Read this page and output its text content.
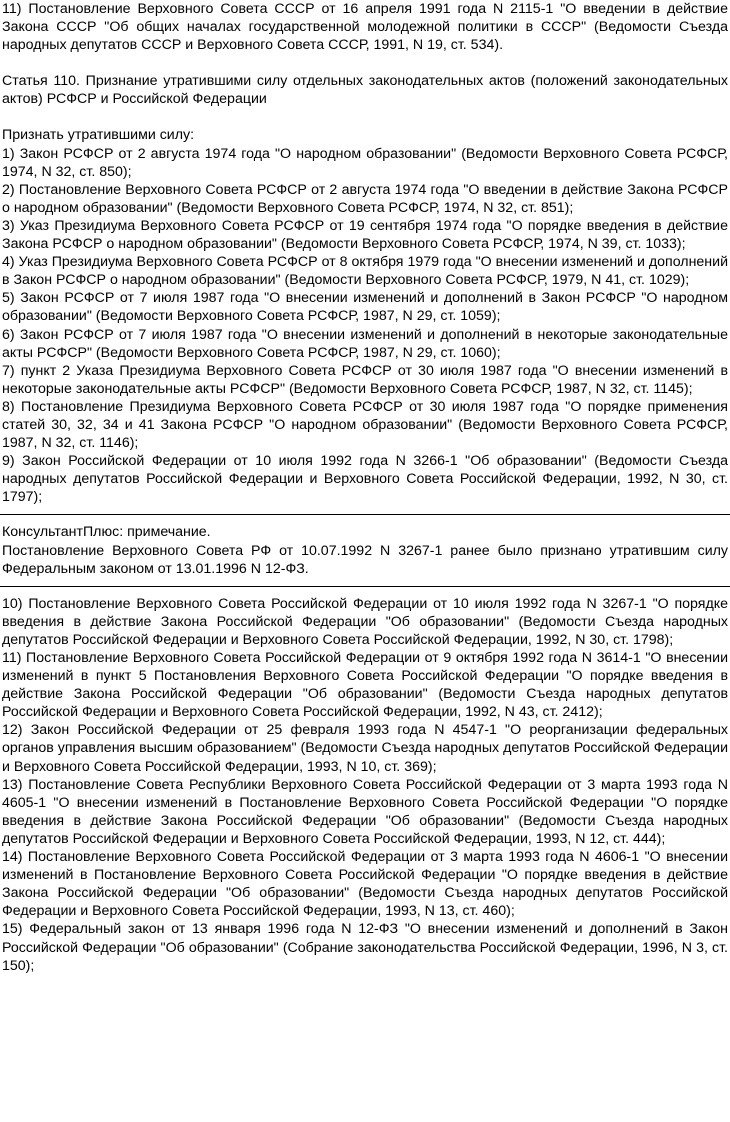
11) Постановление Верховного Совета СССР от 16 апреля 1991 года N 2115-1 "О введении в действие Закона СССР "Об общих началах государственной молодежной политики в СССР" (Ведомости Съезда народных депутатов СССР и Верховного Совета СССР, 1991, N 19, ст. 534).

Статья 110. Признание утратившими силу отдельных законодательных актов (положений законодательных актов) РСФСР и Российской Федерации

Признать утратившими силу:

1) Закон РСФСР от 2 августа 1974 года "О народном образовании" (Ведомости Верховного Совета РСФСР, 1974, N 32, ст. 850);

2) Постановление Верховного Совета РСФСР от 2 августа 1974 года "О введении в действие Закона РСФСР о народном образовании" (Ведомости Верховного Совета РСФСР, 1974, N 32, ст. 851);

3) Указ Президиума Верховного Совета РСФСР от 19 сентября 1974 года "О порядке введения в действие Закона РСФСР о народном образовании" (Ведомости Верховного Совета РСФСР, 1974, N 39, ст. 1033);

4) Указ Президиума Верховного Совета РСФСР от 8 октября 1979 года "О внесении изменений и дополнений в Закон РСФСР о народном образовании" (Ведомости Верховного Совета РСФСР, 1979, N 41, ст. 1029);

5) Закон РСФСР от 7 июля 1987 года "О внесении изменений и дополнений в Закон РСФСР "О народном образовании" (Ведомости Верховного Совета РСФСР, 1987, N 29, ст. 1059);

6) Закон РСФСР от 7 июля 1987 года "О внесении изменений и дополнений в некоторые законодательные акты РСФСР" (Ведомости Верховного Совета РСФСР, 1987, N 29, ст. 1060);

7) пункт 2 Указа Президиума Верховного Совета РСФСР от 30 июля 1987 года "О внесении изменений в некоторые законодательные акты РСФСР" (Ведомости Верховного Совета РСФСР, 1987, N 32, ст. 1145);

8) Постановление Президиума Верховного Совета РСФСР от 30 июля 1987 года "О порядке применения статей 30, 32, 34 и 41 Закона РСФСР "О народном образовании" (Ведомости Верховного Совета РСФСР, 1987, N 32, ст. 1146);

9) Закон Российской Федерации от 10 июля 1992 года N 3266-1 "Об образовании" (Ведомости Съезда народных депутатов Российской Федерации и Верховного Совета Российской Федерации, 1992, N 30, ст. 1797);

КонсультантПлюс: примечание.

Постановление Верховного Совета РФ от 10.07.1992 N 3267-1 ранее было признано утратившим силу Федеральным законом от 13.01.1996 N 12-ФЗ.

10) Постановление Верховного Совета Российской Федерации от 10 июля 1992 года N 3267-1 "О порядке введения в действие Закона Российской Федерации "Об образовании" (Ведомости Съезда народных депутатов Российской Федерации и Верховного Совета Российской Федерации, 1992, N 30, ст. 1798);

11) Постановление Верховного Совета Российской Федерации от 9 октября 1992 года N 3614-1 "О внесении изменений в пункт 5 Постановления Верховного Совета Российской Федерации "О порядке введения в действие Закона Российской Федерации "Об образовании" (Ведомости Съезда народных депутатов Российской Федерации и Верховного Совета Российской Федерации, 1992, N 43, ст. 2412);

12) Закон Российской Федерации от 25 февраля 1993 года N 4547-1 "О реорганизации федеральных органов управления высшим образованием" (Ведомости Съезда народных депутатов Российской Федерации и Верховного Совета Российской Федерации, 1993, N 10, ст. 369);

13) Постановление Совета Республики Верховного Совета Российской Федерации от 3 марта 1993 года N 4605-1 "О внесении изменений в Постановление Верховного Совета Российской Федерации "О порядке введения в действие Закона Российской Федерации "Об образовании" (Ведомости Съезда народных депутатов Российской Федерации и Верховного Совета Российской Федерации, 1993, N 12, ст. 444);

14) Постановление Верховного Совета Российской Федерации от 3 марта 1993 года N 4606-1 "О внесении изменений в Постановление Верховного Совета Российской Федерации "О порядке введения в действие Закона Российской Федерации "Об образовании" (Ведомости Съезда народных депутатов Российской Федерации и Верховного Совета Российской Федерации, 1993, N 13, ст. 460);

15) Федеральный закон от 13 января 1996 года N 12-ФЗ "О внесении изменений и дополнений в Закон Российской Федерации "Об образовании" (Собрание законодательства Российской Федерации, 1996, N 3, ст. 150);
